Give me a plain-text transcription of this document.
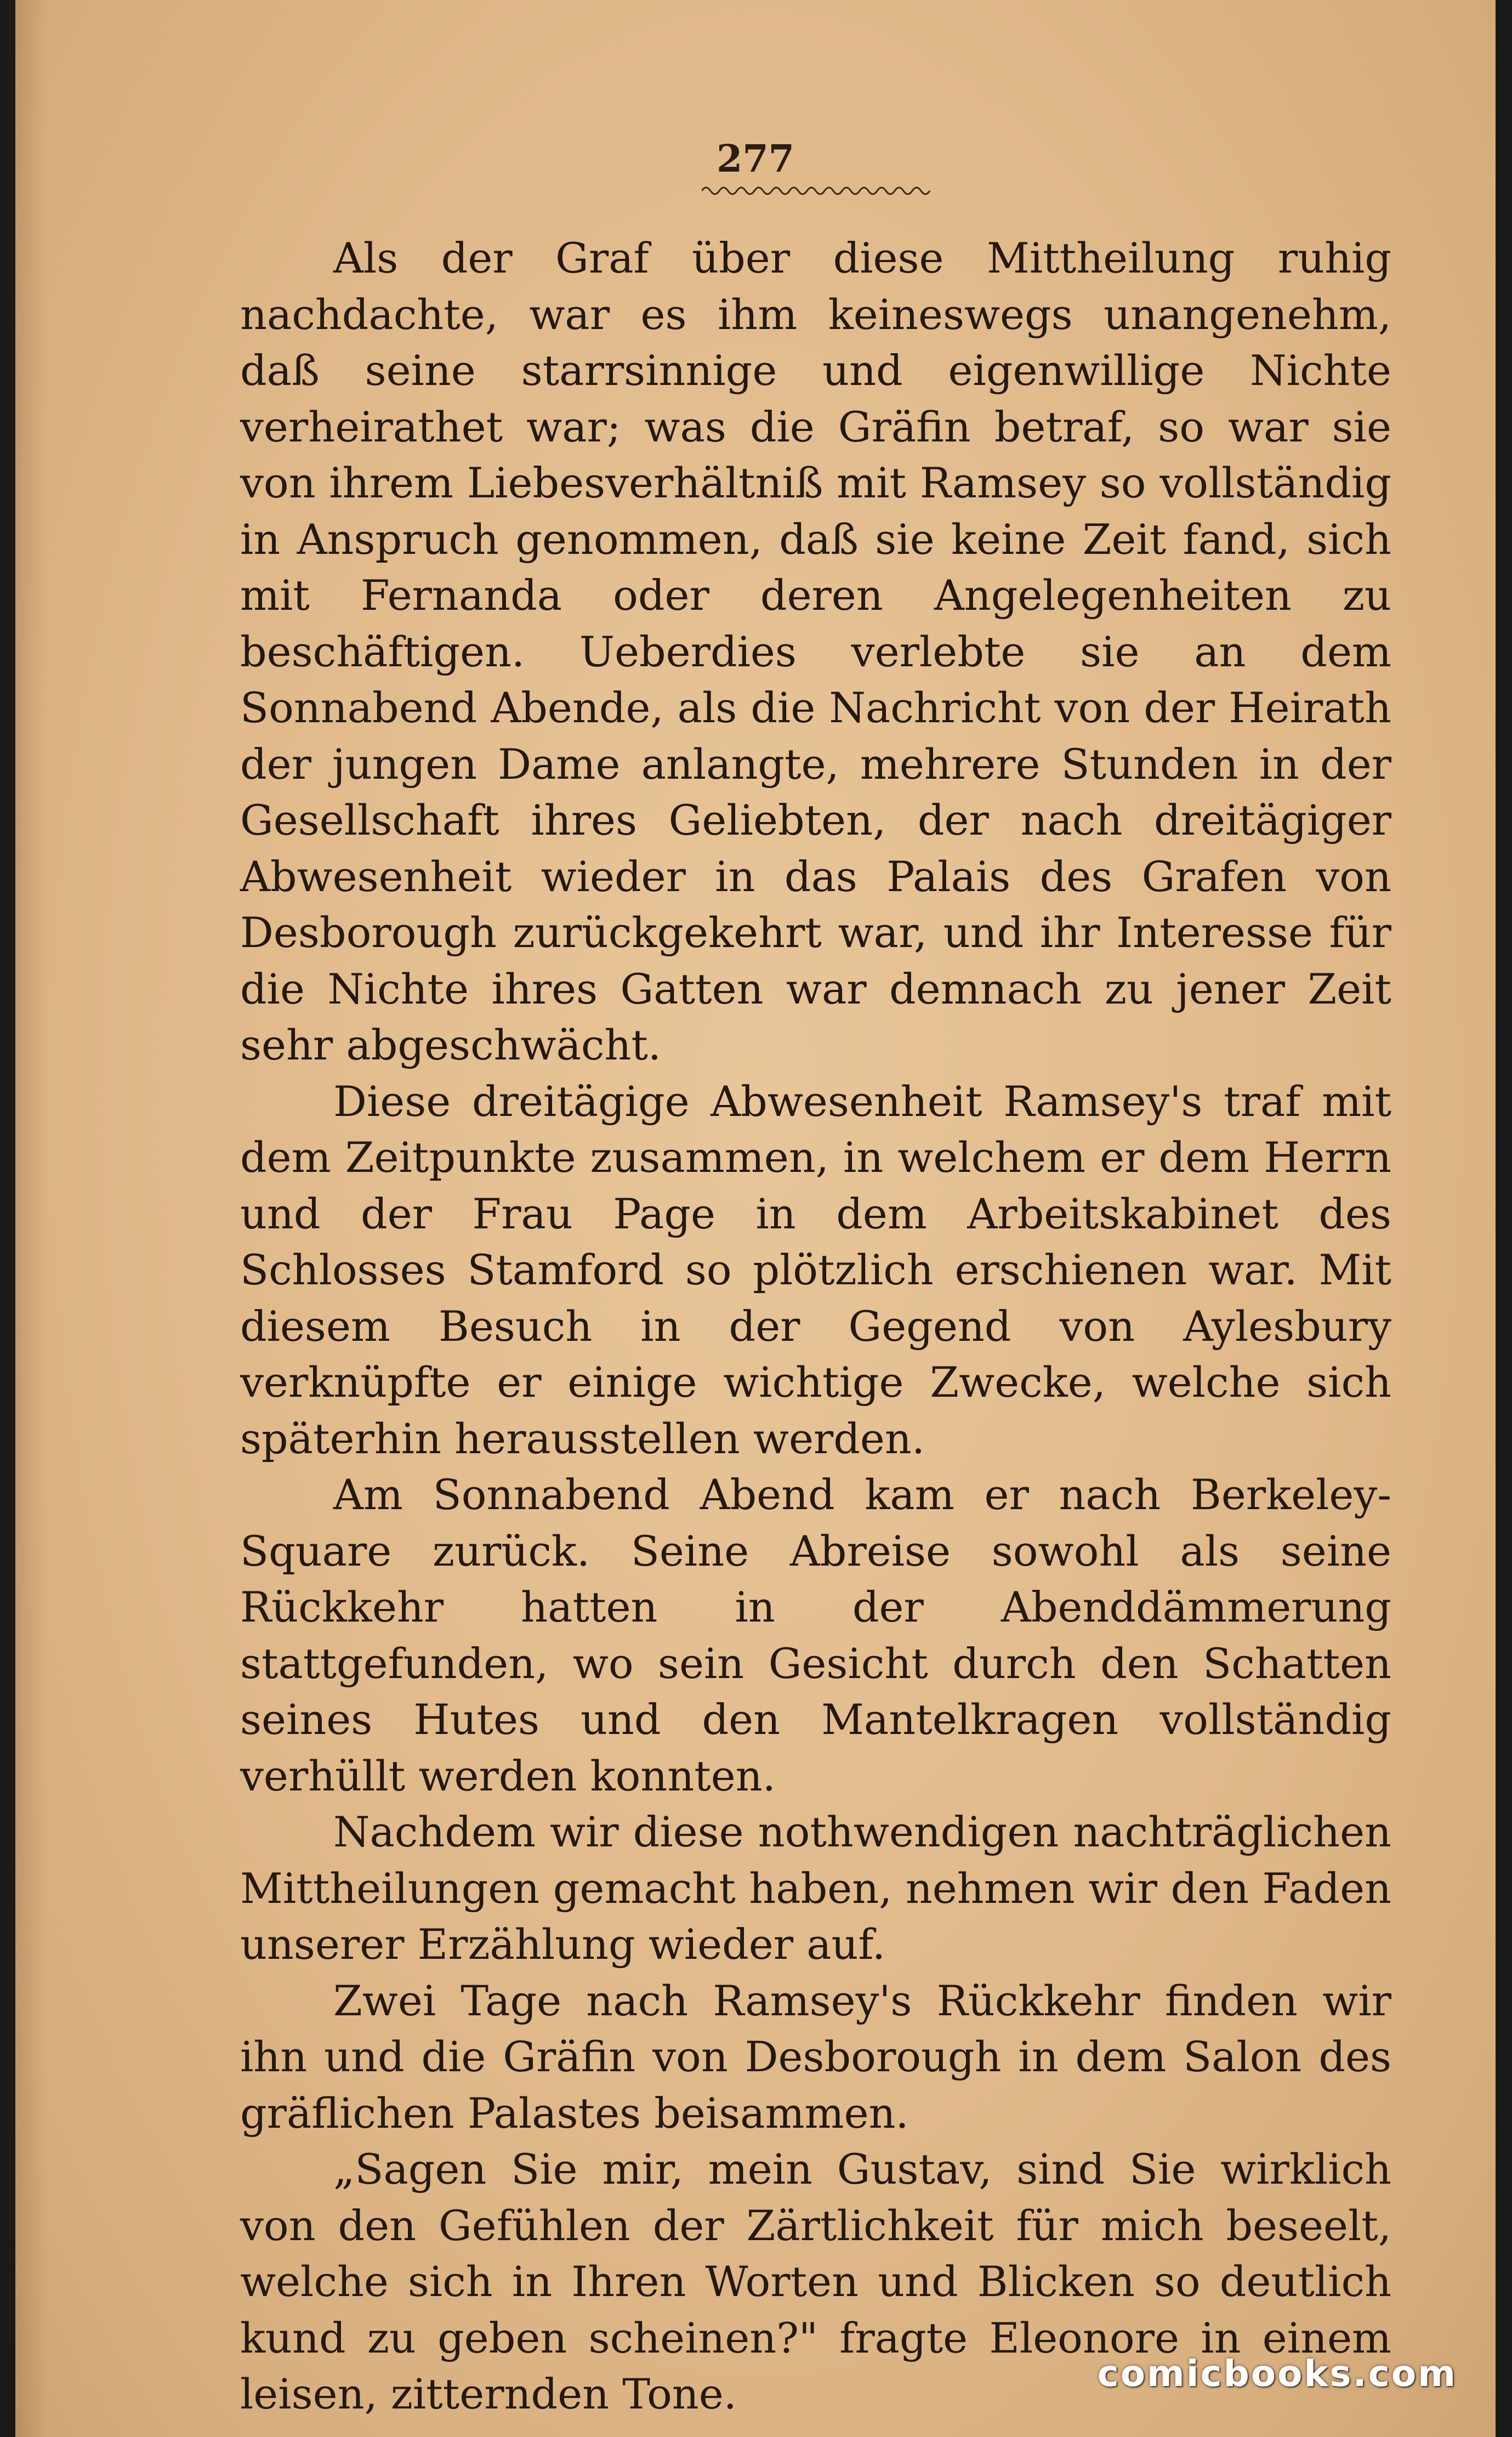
277

Als der Graf über diese Mittheilung ruhig nachdachte, war es ihm keineswegs unangenehm, daß seine starrsinnige und eigenwillige Nichte verheirathet war; was die Gräfin betraf, so war sie von ihrem Liebesverhältniß mit Ramsey so vollständig in Anspruch genommen, daß sie keine Zeit fand, sich mit Fernanda oder deren Angelegenheiten zu beschäftigen. Ueberdies verlebte sie an dem Sonnabend Abende, als die Nachricht von der Heirath der jungen Dame anlangte, mehrere Stunden in der Gesellschaft ihres Geliebten, der nach dreitägiger Abwesenheit wieder in das Palais des Grafen von Desborough zurückgekehrt war, und ihr Interesse für die Nichte ihres Gatten war demnach zu jener Zeit sehr abgeschwächt.

Diese dreitägige Abwesenheit Ramsey's traf mit dem Zeitpunkte zusammen, in welchem er dem Herrn und der Frau Page in dem Arbeitskabinet des Schlosses Stamford so plötzlich erschienen war. Mit diesem Besuch in der Gegend von Aylesbury verknüpfte er einige wichtige Zwecke, welche sich späterhin herausstellen werden.

Am Sonnabend Abend kam er nach Berkeley-Square zurück. Seine Abreise sowohl als seine Rückkehr hatten in der Abenddämmerung stattgefunden, wo sein Gesicht durch den Schatten seines Hutes und den Mantelkragen vollständig verhüllt werden konnten.

Nachdem wir diese nothwendigen nachträglichen Mittheilungen gemacht haben, nehmen wir den Faden unserer Erzählung wieder auf.

Zwei Tage nach Ramsey's Rückkehr finden wir ihn und die Gräfin von Desborough in dem Salon des gräflichen Palastes beisammen.

„Sagen Sie mir, mein Gustav, sind Sie wirklich von den Gefühlen der Zärtlichkeit für mich beseelt, welche sich in Ihren Worten und Blicken so deutlich kund zu geben scheinen?" fragte Eleonore in einem leisen, zitternden Tone.	comicbooks.com
